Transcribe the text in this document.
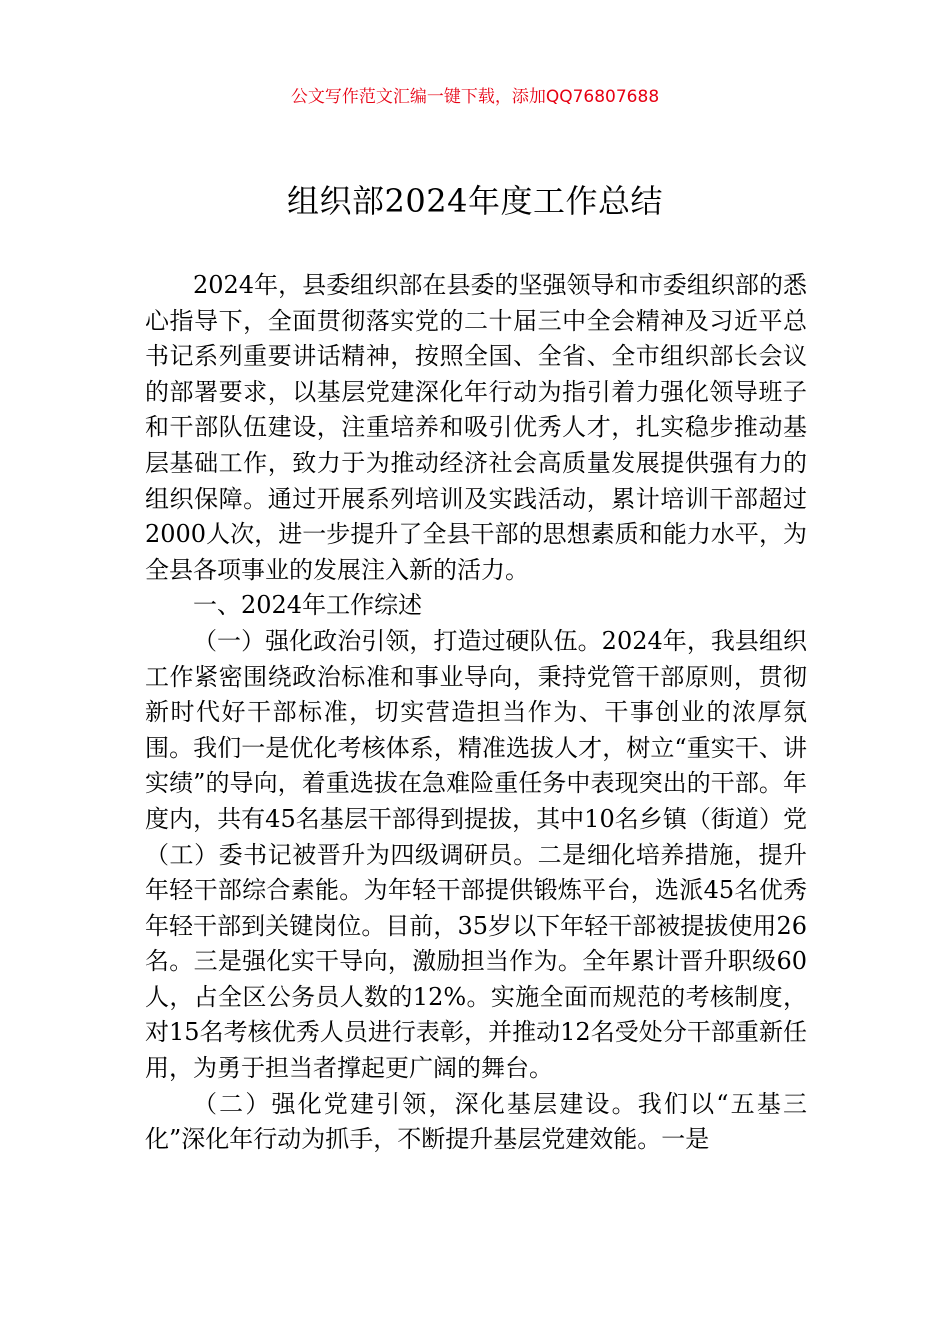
公文写作范文汇编一键下载，添加QQ76807688
组织部2024年度工作总结

2024年，县委组织部在县委的坚强领导和市委组织部的悉心指导下，全面贯彻落实党的二十届三中全会精神及习近平总书记系列重要讲话精神，按照全国、全省、全市组织部长会议的部署要求，以基层党建深化年行动为指引着力强化领导班子和干部队伍建设，注重培养和吸引优秀人才，扎实稳步推动基层基础工作，致力于为推动经济社会高质量发展提供强有力的组织保障。通过开展系列培训及实践活动，累计培训干部超过2000人次，进一步提升了全县干部的思想素质和能力水平，为全县各项事业的发展注入新的活力。

一、2024年工作综述

（一）强化政治引领，打造过硬队伍。2024年，我县组织工作紧密围绕政治标准和事业导向，秉持党管干部原则，贯彻新时代好干部标准，切实营造担当作为、干事创业的浓厚氛围。我们一是优化考核体系，精准选拔人才，树立“重实干、讲实绩”的导向，着重选拔在急难险重任务中表现突出的干部。年度内，共有45名基层干部得到提拔，其中10名乡镇（街道）党（工）委书记被晋升为四级调研员。二是细化培养措施，提升年轻干部综合素能。为年轻干部提供锻炼平台，选派45名优秀年轻干部到关键岗位。目前，35岁以下年轻干部被提拔使用26名。三是强化实干导向，激励担当作为。全年累计晋升职级60人，占全区公务员人数的12%。实施全面而规范的考核制度，对15名考核优秀人员进行表彰，并推动12名受处分干部重新任用，为勇于担当者撑起更广阔的舞台。

（二）强化党建引领，深化基层建设。我们以“五基三化”深化年行动为抓手，不断提升基层党建效能。一是
